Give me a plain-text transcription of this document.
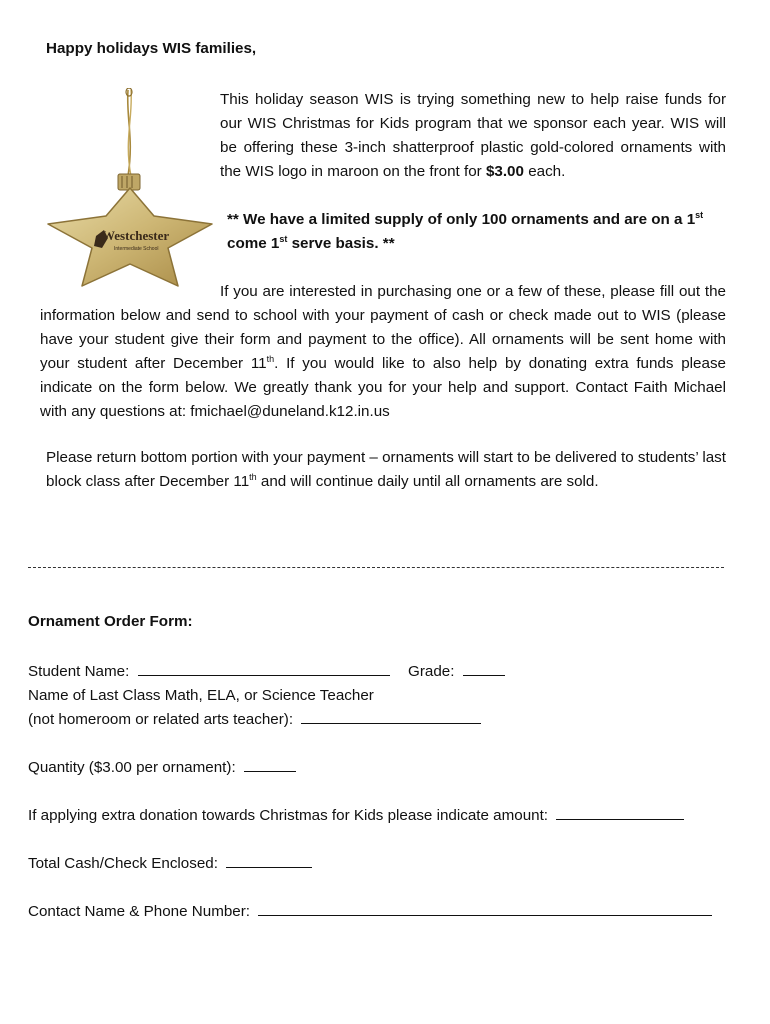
Happy holidays WIS families,
Westchester
Intermediate School
This holiday season WIS is trying something new to help raise funds for our WIS Christmas for Kids program that we sponsor each year. WIS will be offering these 3-inch shatterproof plastic gold-colored ornaments with the WIS logo in maroon on the front for $3.00 each.
** We have a limited supply of only 100 ornaments and are on a 1st
come 1st serve basis. **
If you are interested in purchasing one or a few of these, please fill out the information below and send to school with your payment of cash or check made out to WIS (please have your student give their form and payment to the office). All ornaments will be sent home with your student after December 11th. If you would like to also help by donating extra funds please indicate on the form below. We greatly thank you for your help and support. Contact Faith Michael with any questions at: fmichael@duneland.k12.in.us
Please return bottom portion with your payment – ornaments will start to be delivered to students’ last block class after December 11th and will continue daily until all ornaments are sold.
Ornament Order Form:
Student Name:	Grade:
Name of Last Class Math, ELA, or Science Teacher
(not homeroom or related arts teacher):
Quantity ($3.00 per ornament):
If applying extra donation towards Christmas for Kids please indicate amount:
Total Cash/Check Enclosed:
Contact Name & Phone Number:
